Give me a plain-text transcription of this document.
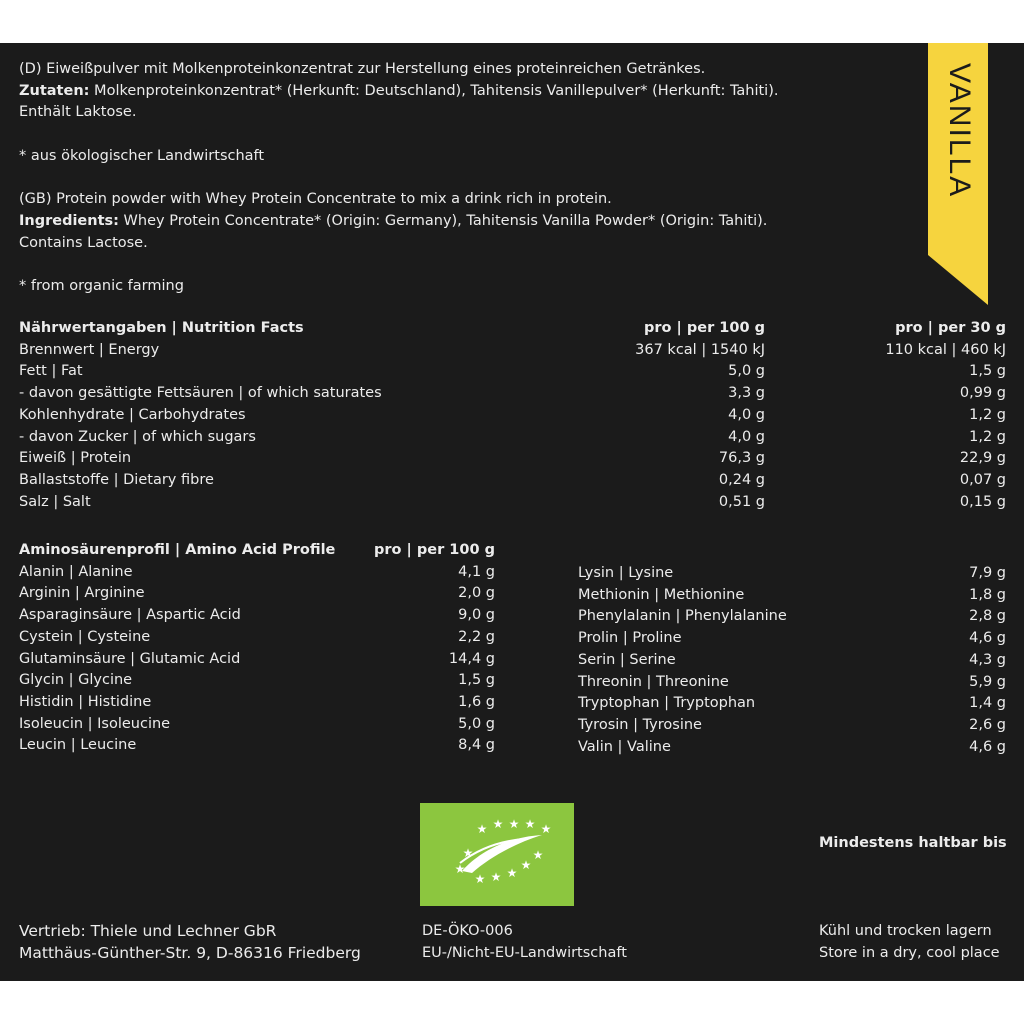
VANILLA

(D) Eiweißpulver mit Molkenproteinkonzentrat zur Herstellung eines proteinreichen Getränkes.

Zutaten: Molkenproteinkonzentrat* (Herkunft: Deutschland), Tahitensis Vanillepulver* (Herkunft: Tahiti).

Enthält Laktose.

* aus ökologischer Landwirtschaft

(GB) Protein powder with Whey Protein Concentrate to mix a drink rich in protein.

Ingredients: Whey Protein Concentrate* (Origin: Germany), Tahitensis Vanilla Powder* (Origin: Tahiti).

Contains Lactose.

* from organic farming

Nährwertangaben | Nutrition Facts	pro | per 100 g	pro | per 30 g
Brennwert | Energy	367 kcal | 1540 kJ	110 kcal | 460 kJ
Fett | Fat	5,0 g	1,5 g
- davon gesättigte Fettsäuren | of which saturates	3,3 g	0,99 g
Kohlenhydrate | Carbohydrates	4,0 g	1,2 g
- davon Zucker | of which sugars	4,0 g	1,2 g
Eiweiß | Protein	76,3 g	22,9 g
Ballaststoffe | Dietary fibre	0,24 g	0,07 g
Salz | Salt	0,51 g	0,15 g
Aminosäurenprofil | Amino Acid Profile	pro | per 100 g
Alanin | Alanine	4,1 g
Arginin | Arginine	2,0 g
Asparaginsäure | Aspartic Acid	9,0 g
Cystein | Cysteine	2,2 g
Glutaminsäure | Glutamic Acid	14,4 g
Glycin | Glycine	1,5 g
Histidin | Histidine	1,6 g
Isoleucin | Isoleucine	5,0 g
Leucin | Leucine	8,4 g
Lysin | Lysine	7,9 g
Methionin | Methionine	1,8 g
Phenylalanin | Phenylalanine	2,8 g
Prolin | Proline	4,6 g
Serin | Serine	4,3 g
Threonin | Threonine	5,9 g
Tryptophan | Tryptophan	1,4 g
Tyrosin | Tyrosine	2,6 g
Valin | Valine	4,6 g
★ ★ ★ ★ ★
★
★
★ ★ ★
★
★
Mindestens haltbar bis
Vertrieb: Thiele und Lechner GbR
Matthäus-Günther-Str. 9, D-86316 Friedberg
DE-ÖKO-006
EU-/Nicht-EU-Landwirtschaft
Kühl und trocken lagern
Store in a dry, cool place
